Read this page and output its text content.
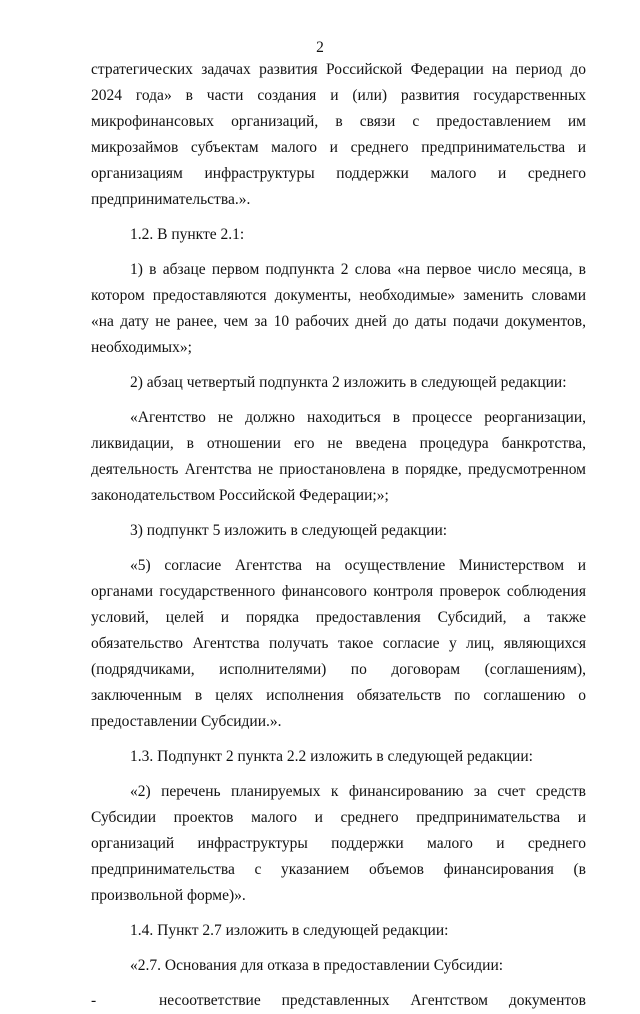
2

стратегических задачах развития Российской Федерации на период до 2024 года» в части создания и (или) развития государственных микрофинансовых организаций, в связи с предоставлением им микрозаймов субъектам малого и среднего предпринимательства и организациям инфраструктуры поддержки малого и среднего предпринимательства.».

1.2. В пункте 2.1:

1) в абзаце первом подпункта 2 слова «на первое число месяца, в котором предоставляются документы, необходимые» заменить словами «на дату не ранее, чем за 10 рабочих дней до даты подачи документов, необходимых»;

2) абзац четвертый подпункта 2 изложить в следующей редакции:

«Агентство не должно находиться в процессе реорганизации, ликвидации, в отношении его не введена процедура банкротства, деятельность Агентства не приостановлена в порядке, предусмотренном законодательством Российской Федерации;»;

3) подпункт 5 изложить в следующей редакции:

«5) согласие Агентства на осуществление Министерством и органами государственного финансового контроля проверок соблюдения условий, целей и порядка предоставления Субсидий, а также обязательство Агентства получать такое согласие у лиц, являющихся (подрядчиками, исполнителями) по договорам (соглашениям), заключенным в целях исполнения обязательств по соглашению о предоставлении Субсидии.».

1.3. Подпункт 2 пункта 2.2 изложить в следующей редакции:

«2) перечень планируемых к финансированию за счет средств Субсидии проектов малого и среднего предпринимательства и организаций инфраструктуры поддержки малого и среднего предпринимательства с указанием объемов финансирования (в произвольной форме)».

1.4. Пункт 2.7 изложить в следующей редакции:

«2.7. Основания для отказа в предоставлении Субсидии:

-	несоответствие представленных Агентством документов
